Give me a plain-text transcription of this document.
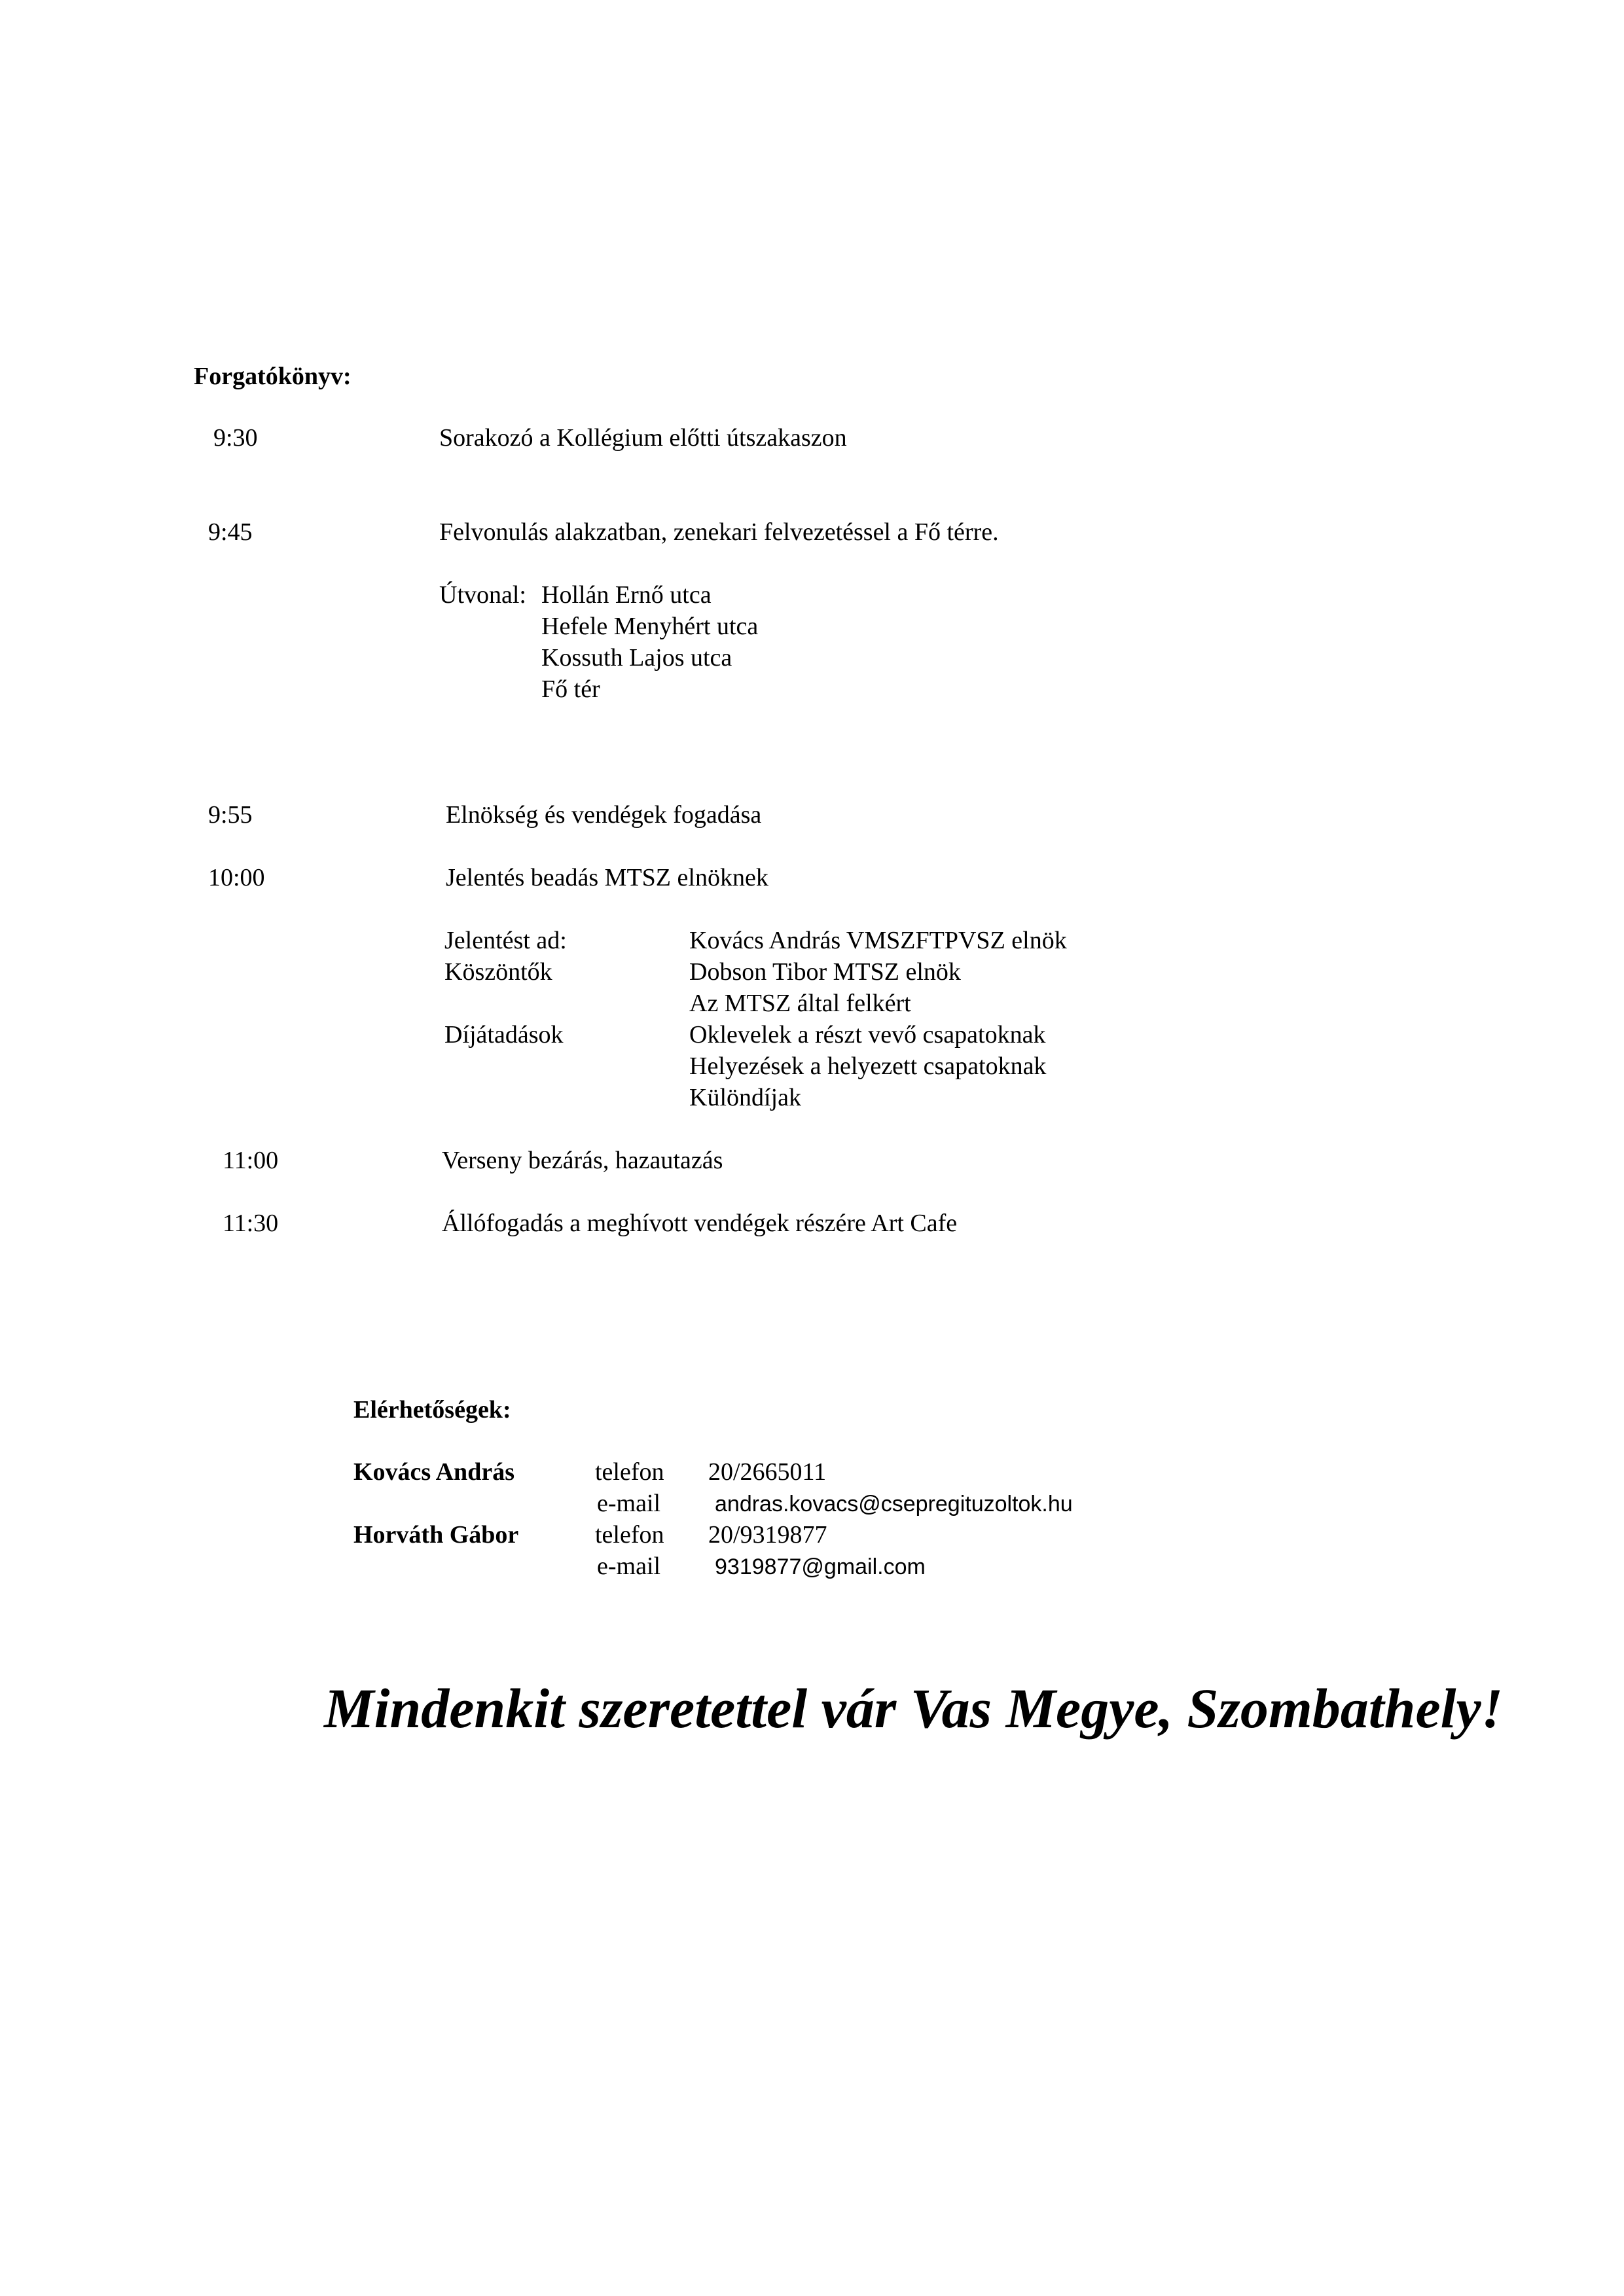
Forgatókönyv:
9:30	Sorakozó a Kollégium előtti útszakaszon
9:45	Felvonulás alakzatban, zenekari felvezetéssel a Fő térre.
Útvonal: Hollán Ernő utca
Hefele Menyhért utca
Kossuth Lajos utca
Fő tér
9:55	Elnökség és vendégek fogadása
10:00	Jelentés beadás MTSZ elnöknek
Jelentést ad:	Kovács András VMSZFTPVSZ elnök
Köszöntők	Dobson Tibor MTSZ elnök
Az MTSZ által felkért
Díjátadások	Oklevelek a részt vevő csapatoknak
Helyezések a helyezett csapatoknak
Különdíjak
11:00	Verseny bezárás, hazautazás
11:30	Állófogadás a meghívott vendégek részére Art Cafe
Elérhetőségek:
Kovács András	telefon 20/2665011
e-mail andras.kovacs@csepregituzoltok.hu
Horváth Gábor	telefon 20/9319877
e-mail 9319877@gmail.com
Mindenkit szeretettel vár Vas Megye, Szombathely!
